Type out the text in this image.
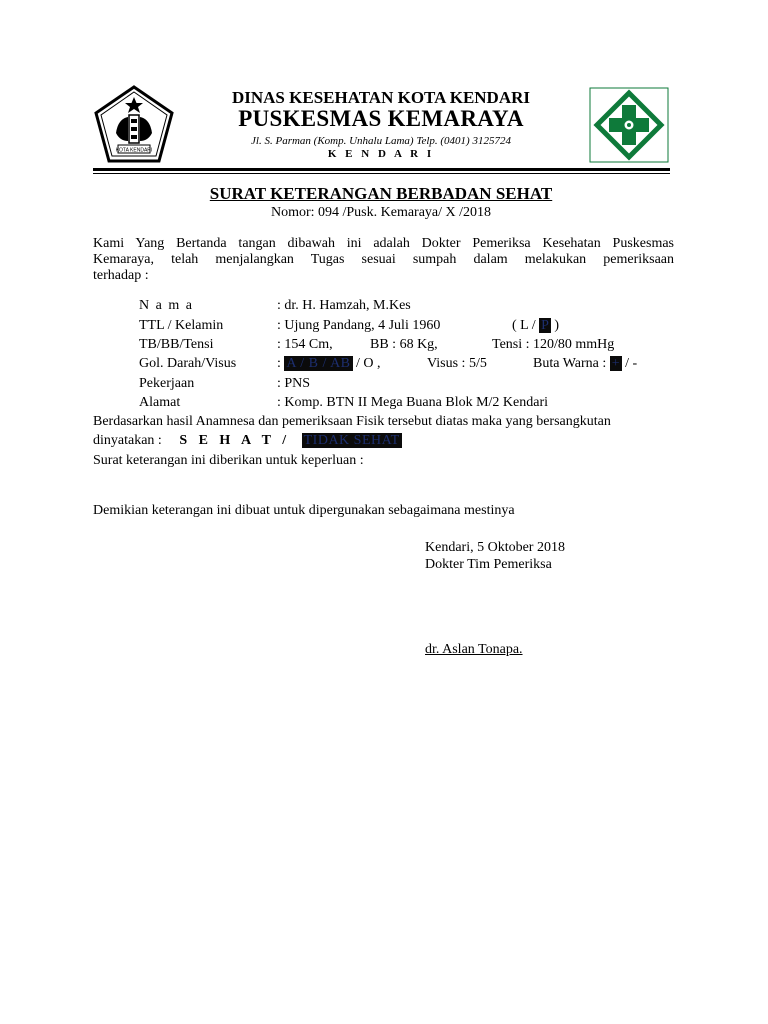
KOTA KENDARI
DINAS KESEHATAN KOTA KENDARI
PUSKESMAS KEMARAYA
Jl. S. Parman (Komp. Unhalu Lama) Telp. (0401) 3125724
K E N D A R I
SURAT KETERANGAN BERBADAN SEHAT
Nomor: 094 /Pusk. Kemaraya/ X /2018
Kami Yang Bertanda tangan dibawah ini adalah Dokter Pemeriksa Kesehatan Puskesmas
Kemaraya, telah menjalangkan Tugas sesuai sumpah dalam melakukan pemeriksaan
terhadap :
N a m a	: dr. H. Hamzah, M.Kes
TTL / Kelamin	: Ujung Pandang, 4 Juli 1960	( L / P )
TB/BB/Tensi	: 154 Cm,	BB : 68 Kg,	Tensi : 120/80 mmHg
Gol. Darah/Visus	: A / B / AB / O ,	Visus : 5/5	Buta Warna : + / -
Pekerjaan	: PNS
Alamat	: Komp. BTN II Mega Buana Blok M/2 Kendari
Berdasarkan hasil Anamnesa dan pemeriksaan Fisik tersebut diatas maka yang bersangkutan
dinyatakan : S E H A T / TIDAK SEHAT
Surat keterangan ini diberikan untuk keperluan :
Demikian keterangan ini dibuat untuk dipergunakan sebagaimana mestinya
Kendari, 5 Oktober 2018
Dokter Tim Pemeriksa
dr. Aslan Tonapa.
